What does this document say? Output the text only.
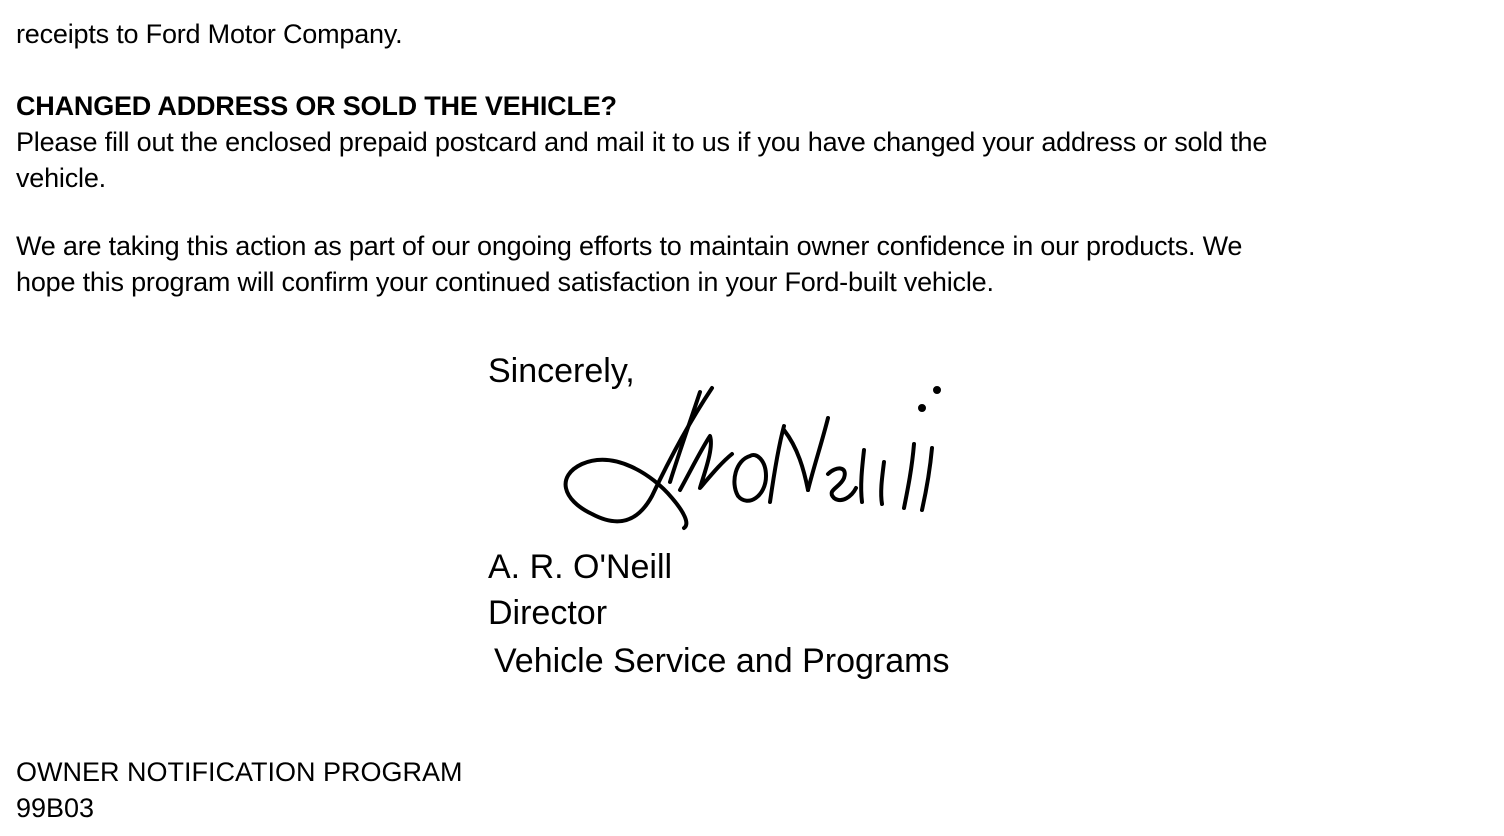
receipts to Ford Motor Company.

CHANGED ADDRESS OR SOLD THE VEHICLE?

Please fill out the enclosed prepaid postcard and mail it to us if you have changed your address or sold the

vehicle.

We are taking this action as part of our ongoing efforts to maintain owner confidence in our products. We

hope this program will confirm your continued satisfaction in your Ford-built vehicle.

Sincerely,
A. R. O'Neill
Director
Vehicle Service and Programs
OWNER NOTIFICATION PROGRAM
99B03
